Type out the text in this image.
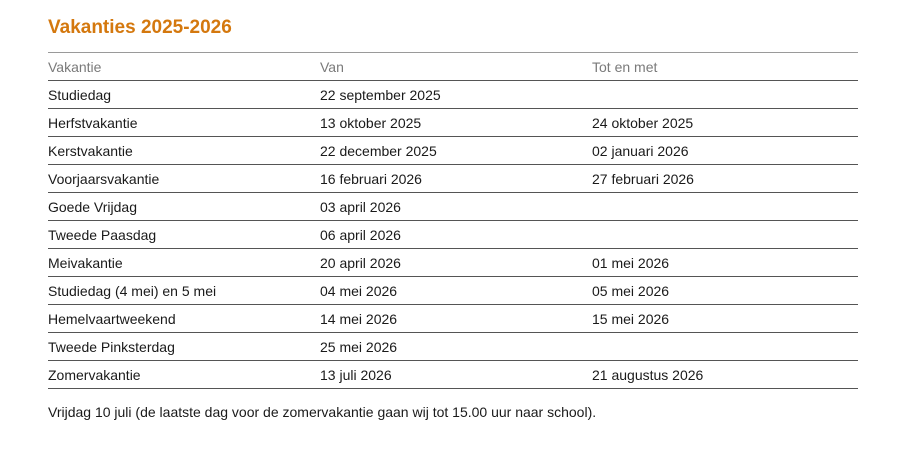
Vakanties 2025-2026
Vakantie	Van	Tot en met
Studiedag	22 september 2025	
Herfstvakantie	13 oktober 2025	24 oktober 2025
Kerstvakantie	22 december 2025	02 januari 2026
Voorjaarsvakantie	16 februari 2026	27 februari 2026
Goede Vrijdag	03 april 2026	
Tweede Paasdag	06 april 2026	
Meivakantie	20 april 2026	01 mei 2026
Studiedag (4 mei) en 5 mei	04 mei 2026	05 mei 2026
Hemelvaartweekend	14 mei 2026	15 mei 2026
Tweede Pinksterdag	25 mei 2026	
Zomervakantie	13 juli 2026	21 augustus 2026
Vrijdag 10 juli (de laatste dag voor de zomervakantie gaan wij tot 15.00 uur naar school).
